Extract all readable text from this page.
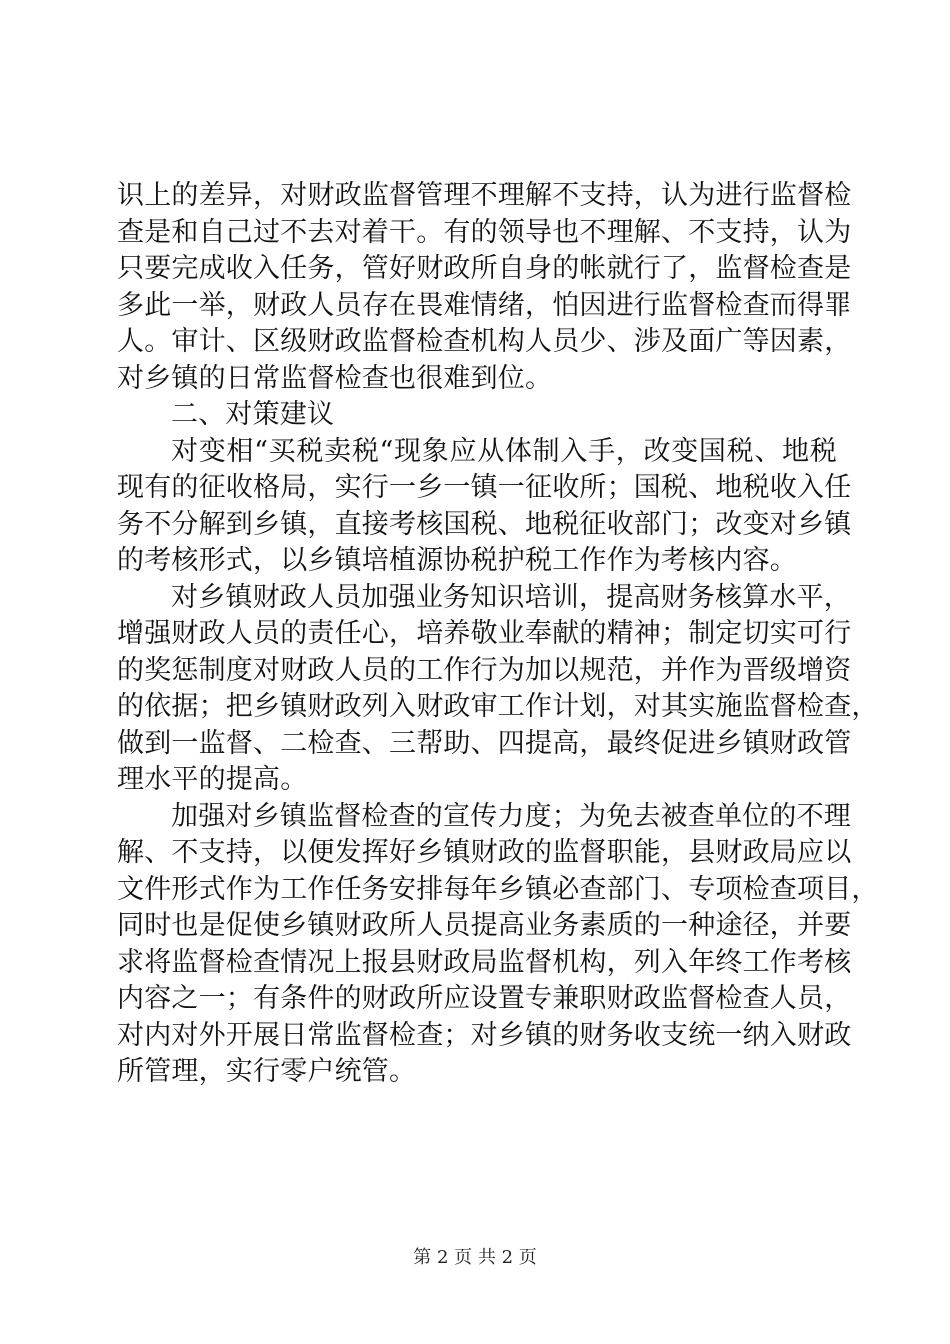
识上的差异，对财政监督管理不理解不支持，认为进行监督检
查是和自己过不去对着干。有的领导也不理解、不支持，认为
只要完成收入任务，管好财政所自身的帐就行了，监督检查是
多此一举，财政人员存在畏难情绪，怕因进行监督检查而得罪
人。审计、区级财政监督检查机构人员少、涉及面广等因素，
对乡镇的日常监督检查也很难到位。
二、对策建议
对变相“买税卖税“现象应从体制入手，改变国税、地税
现有的征收格局，实行一乡一镇一征收所；国税、地税收入任
务不分解到乡镇，直接考核国税、地税征收部门；改变对乡镇
的考核形式，以乡镇培植源协税护税工作作为考核内容。
对乡镇财政人员加强业务知识培训，提高财务核算水平，
增强财政人员的责任心，培养敬业奉献的精神；制定切实可行
的奖惩制度对财政人员的工作行为加以规范，并作为晋级增资
的依据；把乡镇财政列入财政审工作计划，对其实施监督检查，
做到一监督、二检查、三帮助、四提高，最终促进乡镇财政管
理水平的提高。
加强对乡镇监督检查的宣传力度；为免去被查单位的不理
解、不支持，以便发挥好乡镇财政的监督职能，县财政局应以
文件形式作为工作任务安排每年乡镇必查部门、专项检查项目，
同时也是促使乡镇财政所人员提高业务素质的一种途径，并要
求将监督检查情况上报县财政局监督机构，列入年终工作考核
内容之一；有条件的财政所应设置专兼职财政监督检查人员，
对内对外开展日常监督检查；对乡镇的财务收支统一纳入财政
所管理，实行零户统管。
第 2 页 共 2 页
